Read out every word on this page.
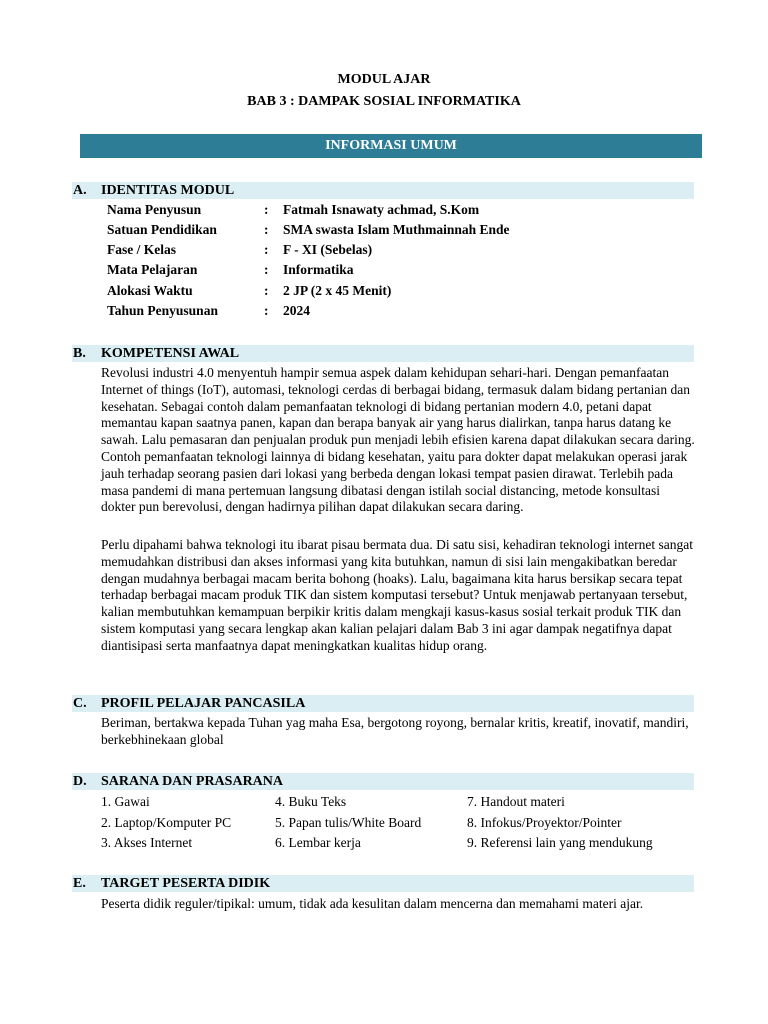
MODUL AJAR
BAB 3 : DAMPAK SOSIAL INFORMATIKA
INFORMASI UMUM
A. IDENTITAS MODUL
Nama Penyusun	: Fatmah Isnawaty achmad, S.Kom
Satuan Pendidikan	: SMA swasta Islam Muthmainnah Ende
Fase / Kelas	: F - XI (Sebelas)
Mata Pelajaran	: Informatika
Alokasi Waktu	: 2 JP (2 x 45 Menit)
Tahun Penyusunan	: 2024
B. KOMPETENSI AWAL

Revolusi industri 4.0 menyentuh hampir semua aspek dalam kehidupan sehari-hari. Dengan pemanfaatan Internet of things (IoT), automasi, teknologi cerdas di berbagai bidang, termasuk dalam bidang pertanian dan kesehatan. Sebagai contoh dalam pemanfaatan teknologi di bidang pertanian modern 4.0, petani dapat memantau kapan saatnya panen, kapan dan berapa banyak air yang harus dialirkan, tanpa harus datang ke sawah. Lalu pemasaran dan penjualan produk pun menjadi lebih efisien karena dapat dilakukan secara daring. Contoh pemanfaatan teknologi lainnya di bidang kesehatan, yaitu para dokter dapat melakukan operasi jarak jauh terhadap seorang pasien dari lokasi yang berbeda dengan lokasi tempat pasien dirawat. Terlebih pada masa pandemi di mana pertemuan langsung dibatasi dengan istilah social distancing, metode konsultasi dokter pun berevolusi, dengan hadirnya pilihan dapat dilakukan secara daring.

Perlu dipahami bahwa teknologi itu ibarat pisau bermata dua. Di satu sisi, kehadiran teknologi internet sangat memudahkan distribusi dan akses informasi yang kita butuhkan, namun di sisi lain mengakibatkan beredar dengan mudahnya berbagai macam berita bohong (hoaks). Lalu, bagaimana kita harus bersikap secara tepat terhadap berbagai macam produk TIK dan sistem komputasi tersebut? Untuk menjawab pertanyaan tersebut, kalian membutuhkan kemampuan berpikir kritis dalam mengkaji kasus-kasus sosial terkait produk TIK dan sistem komputasi yang secara lengkap akan kalian pelajari dalam Bab 3 ini agar dampak negatifnya dapat diantisipasi serta manfaatnya dapat meningkatkan kualitas hidup orang.

C. PROFIL PELAJAR PANCASILA

Beriman, bertakwa kepada Tuhan yag maha Esa, bergotong royong, bernalar kritis, kreatif, inovatif, mandiri, berkebhinekaan global

D. SARANA DAN PRASARANA
1. Gawai	4. Buku Teks	7. Handout materi
2. Laptop/Komputer PC	5. Papan tulis/White Board	8. Infokus/Proyektor/Pointer
3. Akses Internet	6. Lembar kerja	9. Referensi lain yang mendukung
E. TARGET PESERTA DIDIK

Peserta didik reguler/tipikal: umum, tidak ada kesulitan dalam mencerna dan memahami materi ajar.
